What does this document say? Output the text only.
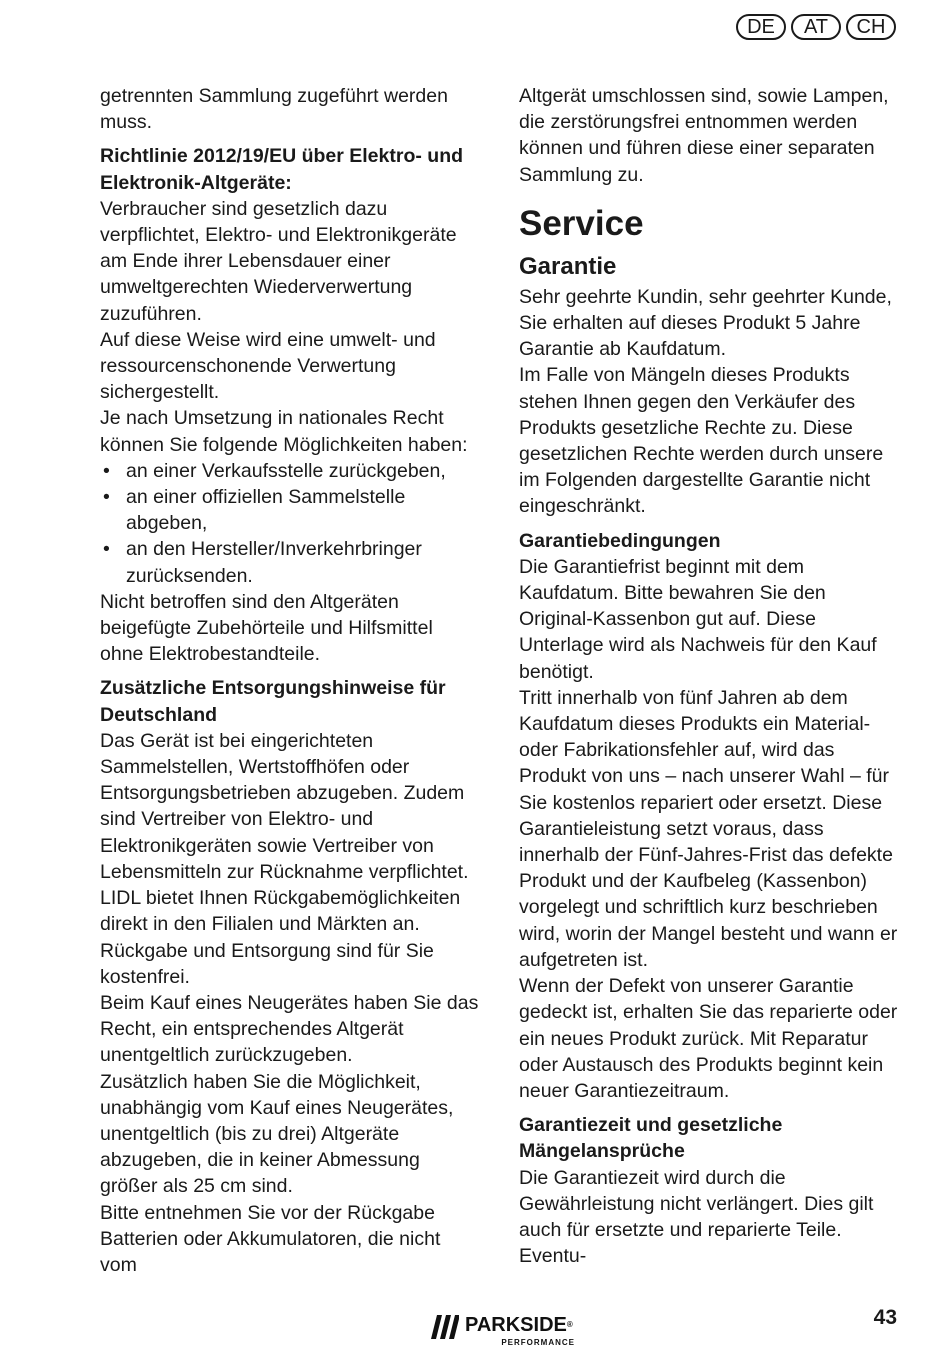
DE	AT	CH

getrennten Sammlung zugeführt werden muss.

Richtlinie 2012/19/EU über Elektro- und Elektronik-Altgeräte:

Verbraucher sind gesetzlich dazu verpflichtet, Elektro- und Elektronikgeräte am Ende ihrer Lebensdauer einer umweltgerechten Wiederverwertung zuzuführen.

Auf diese Weise wird eine umwelt- und ressourcenschonende Verwertung sichergestellt.

Je nach Umsetzung in nationales Recht können Sie folgende Möglichkeiten haben:

• an einer Verkaufsstelle zurückgeben,
• an einer offiziellen Sammelstelle abgeben,
• an den Hersteller/Inverkehrbringer zurücksenden.

Nicht betroffen sind den Altgeräten beigefügte Zubehörteile und Hilfsmittel ohne Elektrobestandteile.

Zusätzliche Entsorgungshinweise für Deutschland

Das Gerät ist bei eingerichteten Sammelstellen, Wertstoffhöfen oder Entsorgungsbetrieben abzugeben. Zudem sind Vertreiber von Elektro- und Elektronikgeräten sowie Vertreiber von Lebensmitteln zur Rücknahme verpflichtet. LIDL bietet Ihnen Rückgabemöglichkeiten direkt in den Filialen und Märkten an. Rückgabe und Entsorgung sind für Sie kostenfrei.

Beim Kauf eines Neugerätes haben Sie das Recht, ein entsprechendes Altgerät unentgeltlich zurückzugeben.

Zusätzlich haben Sie die Möglichkeit, unabhängig vom Kauf eines Neugerätes, unentgeltlich (bis zu drei) Altgeräte abzugeben, die in keiner Abmessung größer als 25 cm sind.

Bitte entnehmen Sie vor der Rückgabe Batterien oder Akkumulatoren, die nicht vom

Altgerät umschlossen sind, sowie Lampen, die zerstörungsfrei entnommen werden können und führen diese einer separaten Sammlung zu.

Service
Garantie

Sehr geehrte Kundin, sehr geehrter Kunde, Sie erhalten auf dieses Produkt 5 Jahre Garantie ab Kaufdatum.

Im Falle von Mängeln dieses Produkts stehen Ihnen gegen den Verkäufer des Produkts gesetzliche Rechte zu. Diese gesetzlichen Rechte werden durch unsere im Folgenden dargestellte Garantie nicht eingeschränkt.

Garantiebedingungen

Die Garantiefrist beginnt mit dem Kaufdatum. Bitte bewahren Sie den Original-Kassenbon gut auf. Diese Unterlage wird als Nachweis für den Kauf benötigt.

Tritt innerhalb von fünf Jahren ab dem Kaufdatum dieses Produkts ein Material- oder Fabrikationsfehler auf, wird das Produkt von uns – nach unserer Wahl – für Sie kostenlos repariert oder ersetzt. Diese Garantieleistung setzt voraus, dass innerhalb der Fünf-Jahres-Frist das defekte Produkt und der Kaufbeleg (Kassenbon) vorgelegt und schriftlich kurz beschrieben wird, worin der Mangel besteht und wann er aufgetreten ist.

Wenn der Defekt von unserer Garantie gedeckt ist, erhalten Sie das reparierte oder ein neues Produkt zurück. Mit Reparatur oder Austausch des Produkts beginnt kein neuer Garantiezeitraum.

Garantiezeit und gesetzliche Mängelansprüche

Die Garantiezeit wird durch die Gewährleistung nicht verlängert. Dies gilt auch für ersetzte und reparierte Teile. Eventu-

PARKSIDE®
PERFORMANCE
43
